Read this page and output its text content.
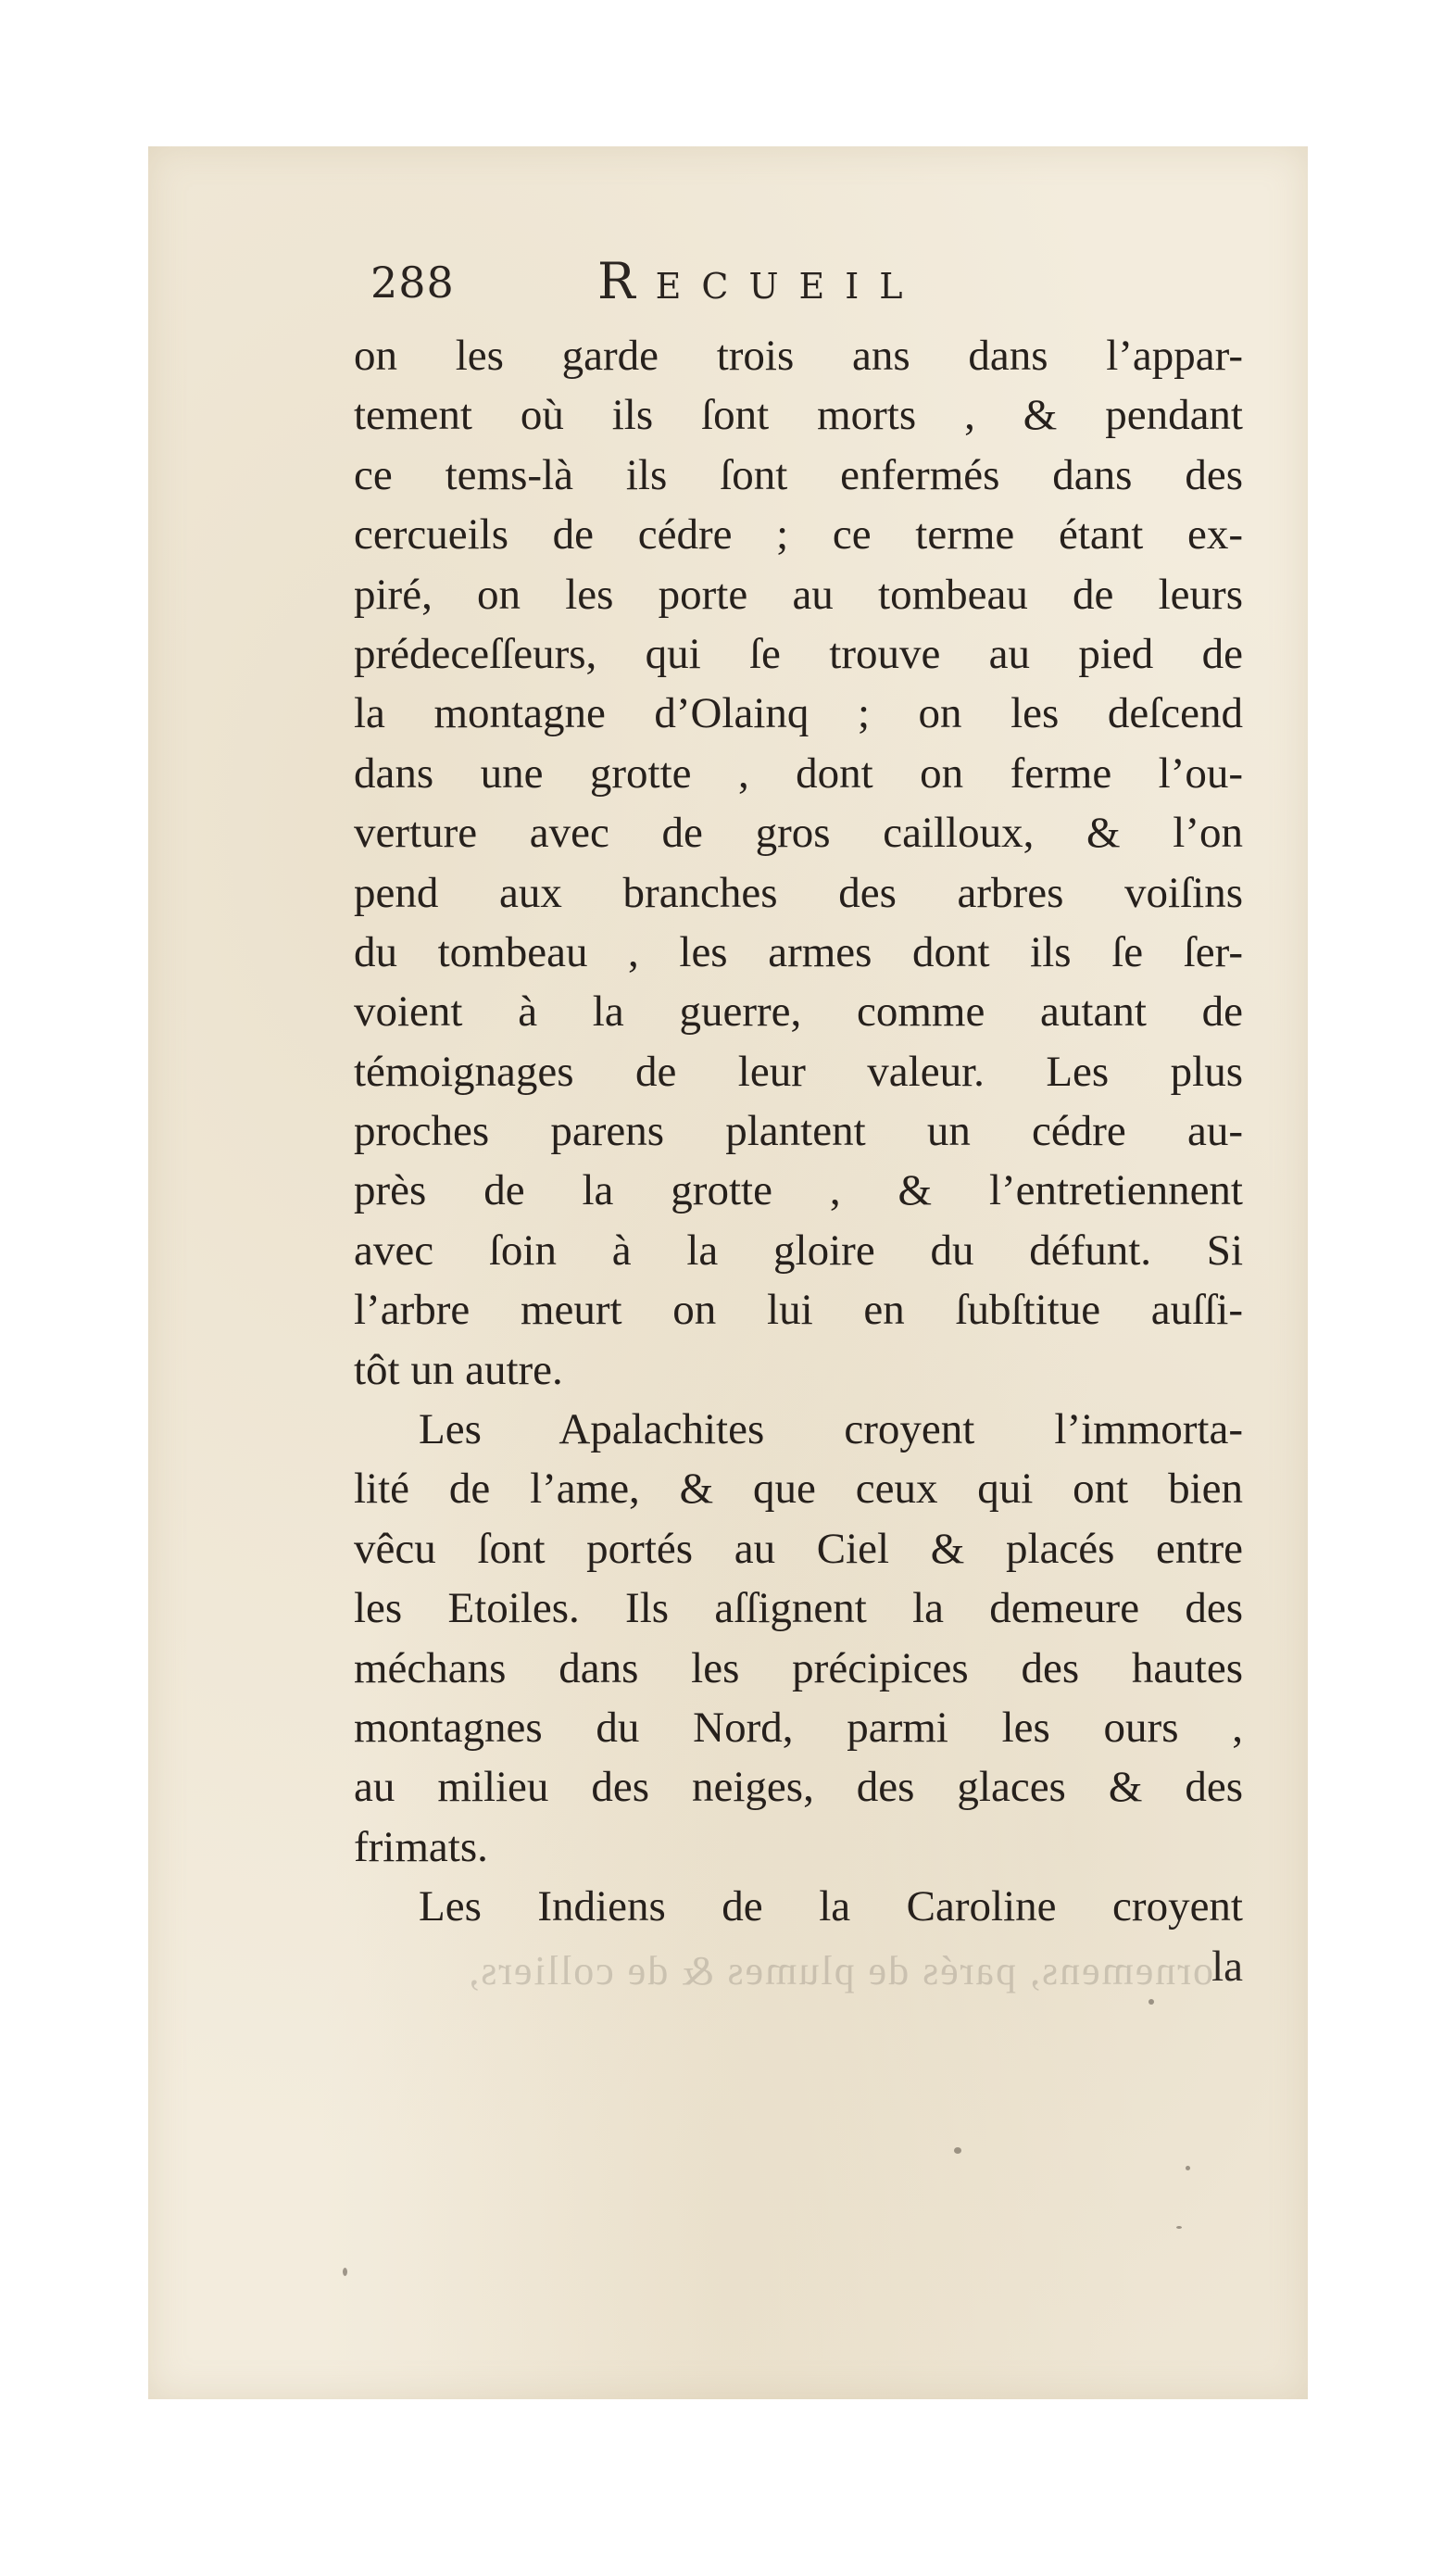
288	Recueil
ornemens, parés de plumes & de colliers,
on les garde trois ans dans l’appar-
tement où ils ſont morts , & pendant
ce tems-là ils ſont enfermés dans des
cercueils de cédre ; ce terme étant ex-
piré, on les porte au tombeau de leurs
prédeceſſeurs, qui ſe trouve au pied de
la montagne d’Olainq ; on les deſcend
dans une grotte , dont on ferme l’ou-
verture avec de gros cailloux, & l’on
pend aux branches des arbres voiſins
du tombeau , les armes dont ils ſe ſer-
voient à la guerre, comme autant de
témoignages de leur valeur. Les plus
proches parens plantent un cédre au-
près de la grotte , & l’entretiennent
avec ſoin à la gloire du défunt. Si
l’arbre meurt on lui en ſubſtitue auſſi-
tôt un autre.
Les Apalachites croyent l’immorta-
lité de l’ame, & que ceux qui ont bien
vêcu ſont portés au Ciel & placés entre
les Etoiles. Ils aſſignent la demeure des
méchans dans les précipices des hautes
montagnes du Nord, parmi les ours ,
au milieu des neiges, des glaces & des
frimats.
Les Indiens de la Caroline croyent
la
